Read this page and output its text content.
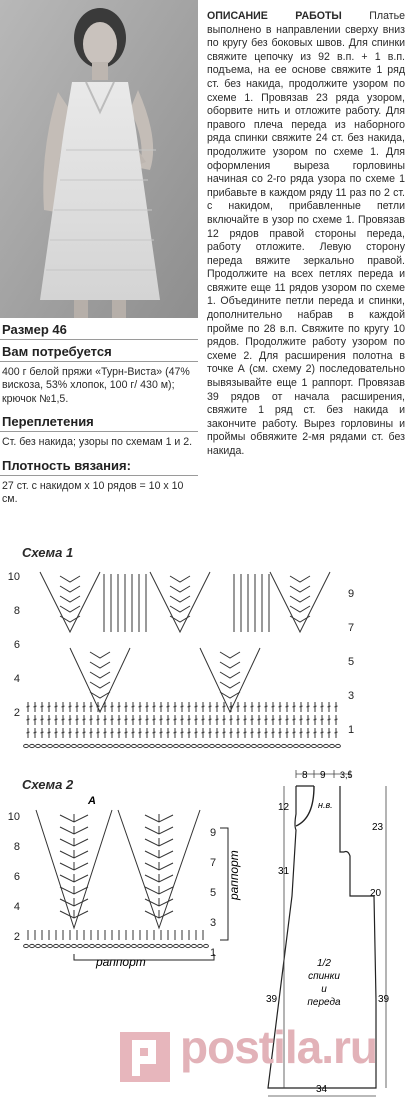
Размер 46
Вам потребуется
400 г белой пряжи «Турн-Виста» (47% вискоза, 53% хлопок, 100 г/ 430 м); крючок №1,5.
Переплетения
Ст. без накида; узоры по схемам 1 и 2.
Плотность вязания:
27 ст. с накидом х 10 рядов = 10 х 10 см.
ОПИСАНИЕ РАБОТЫ	Платье выполнено в направлении сверху вниз по кругу без боковых швов. Для спинки свяжите цепочку из 92 в.п. + 1 в.п. подъема, на ее основе свяжите 1 ряд ст. без накида, продолжите узором по схеме 1. Провязав 23 ряда узором, оборвите нить и отложите работу. Для правого плеча переда из наборного ряда спинки свяжите 24 ст. без накида, продолжите узором по схеме 1. Для оформления выреза горловины начиная со 2-го ряда узора по схеме 1 прибавьте в каждом ряду 11 раз по 2 ст. с накидом, прибавленные петли включайте в узор по схеме 1. Провязав 12 рядов правой стороны переда, работу отложите. Левую сторону переда вяжите зеркально правой. Продолжите на всех петлях переда и свяжите еще 11 рядов узором по схеме 1. Объедините петли переда и спинки, дополнительно набрав в каждой пройме по 28 в.п. Свяжите по кругу 10 рядов. Продолжите работу узором по схеме 2. Для расширения полотна в точке А (см. схему 2) последовательно вывязывайте еще 1 раппорт. Провязав 39 рядов от начала расширения, свяжите 1 ряд ст. без накида и закончите работу. Вырез горловины и проймы обвяжите 2-мя рядами ст. без накида.
Схема 1
10
8
6
4
2
9
7
5
3
1
Схема 2
A
10
8
6
4
2
9
7
5
3
1
раппорт
раппорт
8 9 3,5
н.в.
12
31
39
23
20
39
34
1/2
спинки
и
переда
postila.ru
